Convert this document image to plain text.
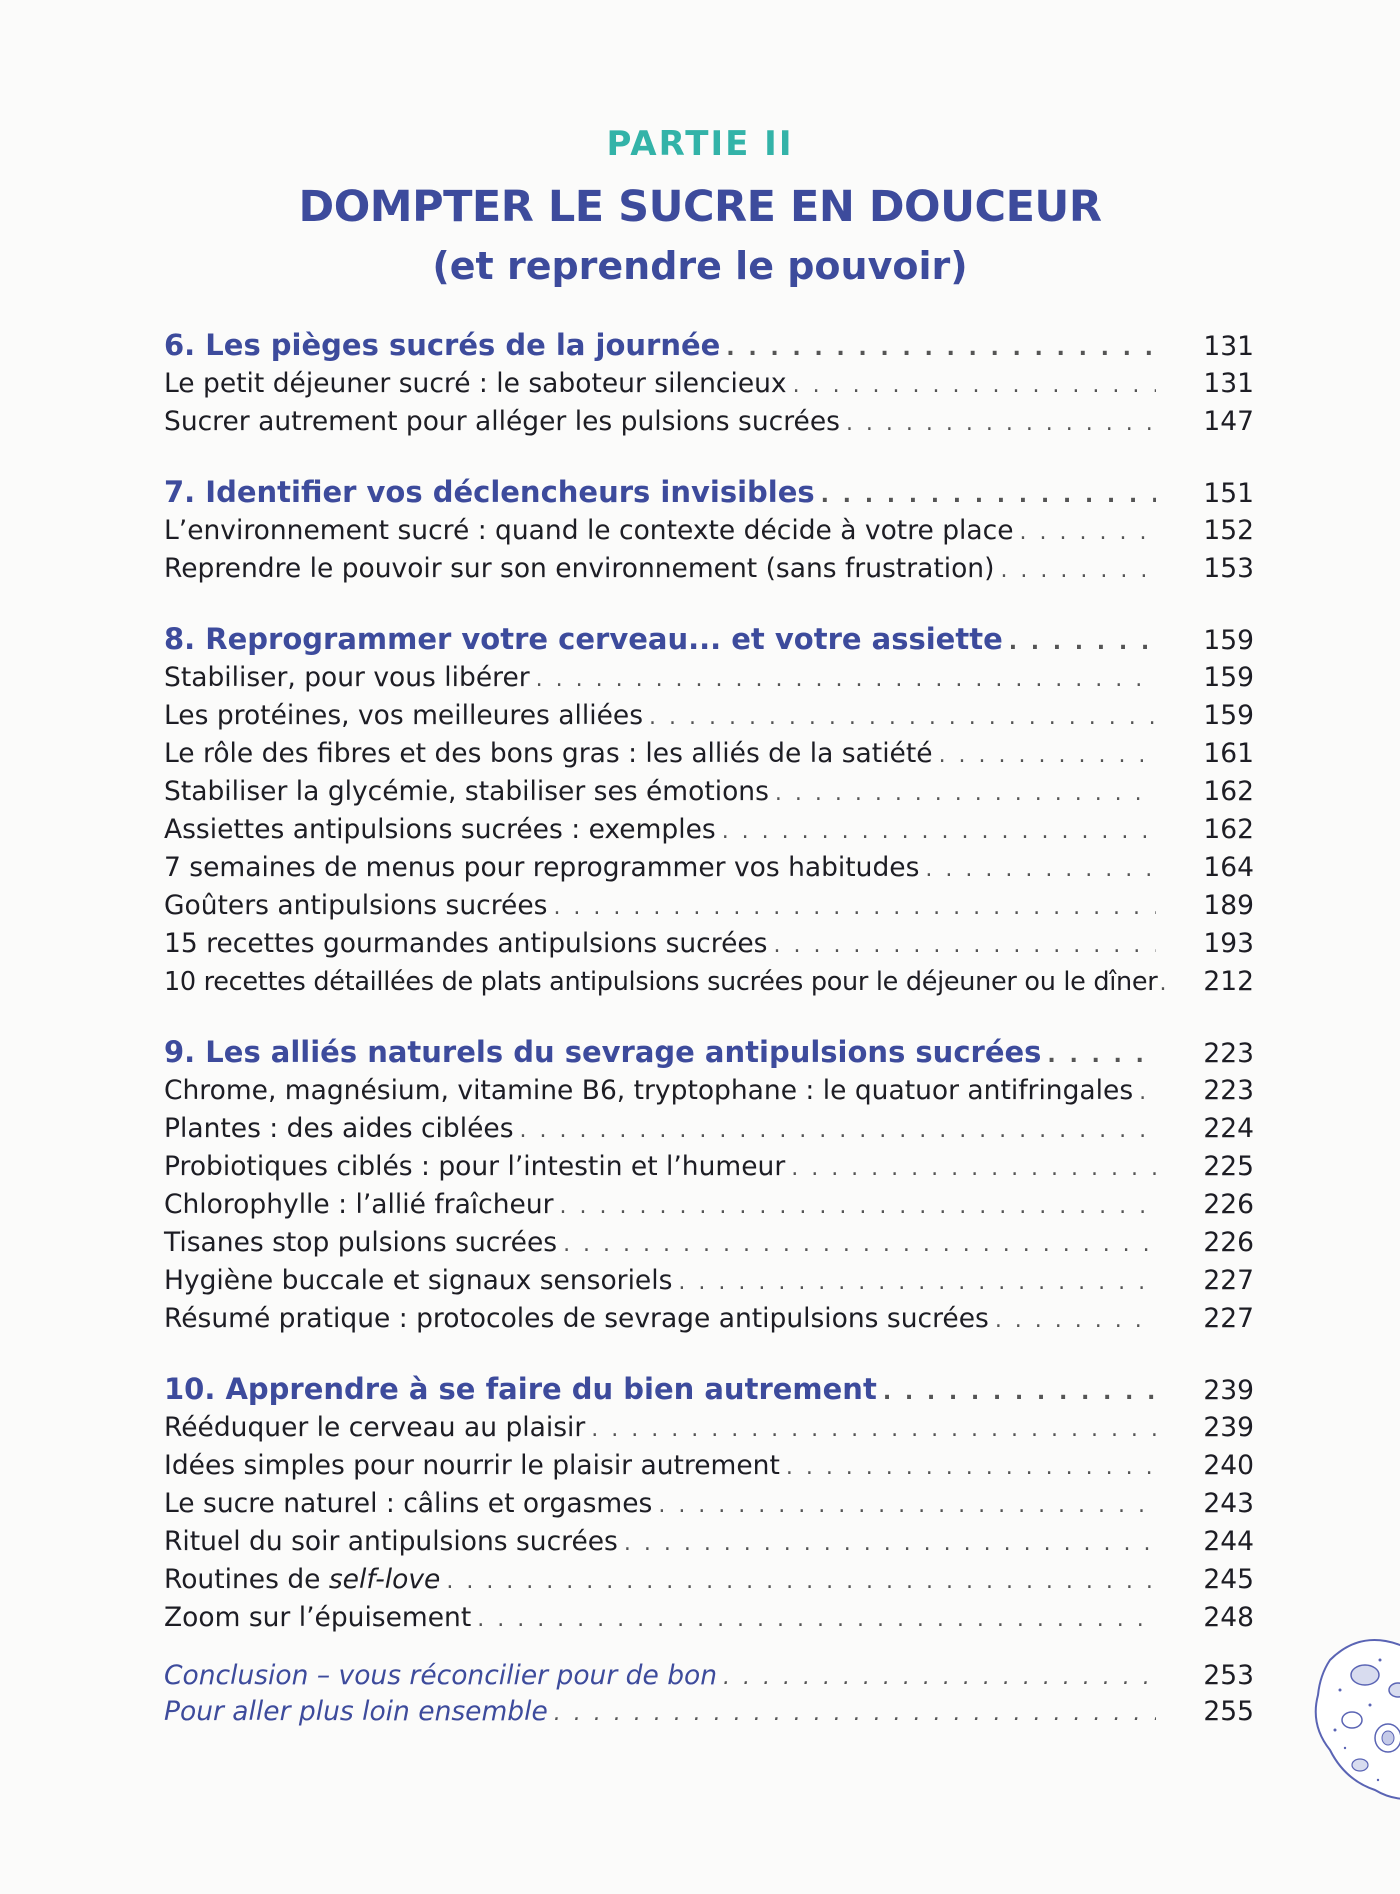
PARTIE II
DOMPTER LE SUCRE EN DOUCEUR
(et reprendre le pouvoir)
6. Les pièges sucrés de la journée . . .	131
Le petit déjeuner sucré : le saboteur silencieux . . .	131
Sucrer autrement pour alléger les pulsions sucrées . . .	147
7. Identifier vos déclencheurs invisibles . . .	151
L’environnement sucré : quand le contexte décide à votre place . . .	152
Reprendre le pouvoir sur son environnement (sans frustration) . . .	153
8. Reprogrammer votre cerveau... et votre assiette . . .	159
Stabiliser, pour vous libérer . . .	159
Les protéines, vos meilleures alliées . . .	159
Le rôle des fibres et des bons gras : les alliés de la satiété . . .	161
Stabiliser la glycémie, stabiliser ses émotions . . .	162
Assiettes antipulsions sucrées : exemples . . .	162
7 semaines de menus pour reprogrammer vos habitudes . . .	164
Goûters antipulsions sucrées . . .	189
15 recettes gourmandes antipulsions sucrées . . .	193
10 recettes détaillées de plats antipulsions sucrées pour le déjeuner ou le dîner . . .	212
9. Les alliés naturels du sevrage antipulsions sucrées . . .	223
Chrome, magnésium, vitamine B6, tryptophane : le quatuor antifringales . . .	223
Plantes : des aides ciblées . . .	224
Probiotiques ciblés : pour l’intestin et l’humeur . . .	225
Chlorophylle : l’allié fraîcheur . . .	226
Tisanes stop pulsions sucrées . . .	226
Hygiène buccale et signaux sensoriels . . .	227
Résumé pratique : protocoles de sevrage antipulsions sucrées . . .	227
10. Apprendre à se faire du bien autrement . . .	239
Rééduquer le cerveau au plaisir . . .	239
Idées simples pour nourrir le plaisir autrement . . .	240
Le sucre naturel : câlins et orgasmes . . .	243
Rituel du soir antipulsions sucrées . . .	244
Routines de self-love . . .	245
Zoom sur l’épuisement . . .	248
Conclusion – vous réconcilier pour de bon . . .	253
Pour aller plus loin ensemble . . .	255
